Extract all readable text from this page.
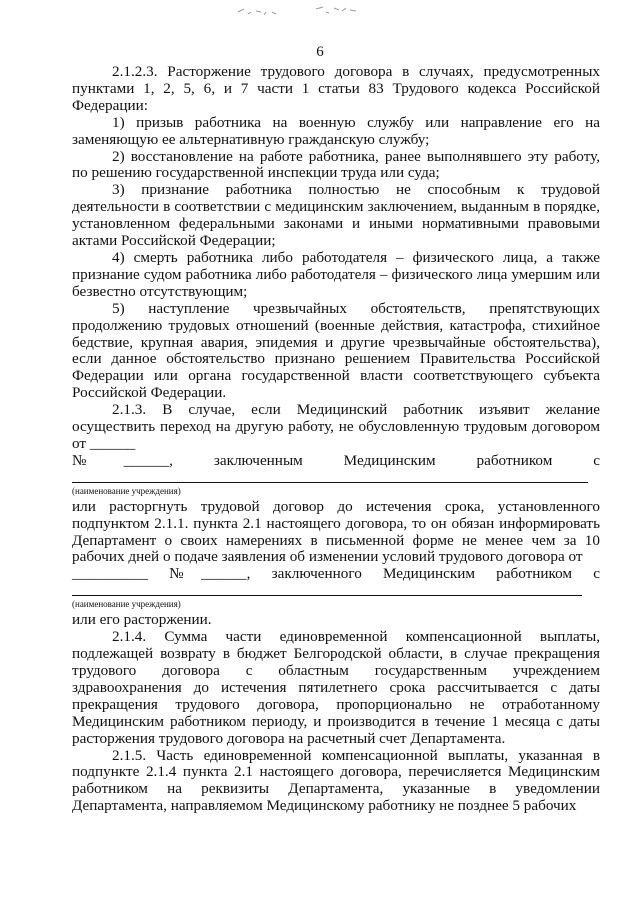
6

2.1.2.3. Расторжение трудового договора в случаях, предусмотренных пунктами 1, 2, 5, 6, и 7 части 1 статьи 83 Трудового кодекса Российской Федерации:

1) призыв работника на военную службу или направление его на заменяющую ее альтернативную гражданскую службу;

2) восстановление на работе работника, ранее выполнявшего эту работу, по решению государственной инспекции труда или суда;

3) признание работника полностью не способным к трудовой деятельности в соответствии с медицинским заключением, выданным в порядке, установленном федеральными законами и иными нормативными правовыми актами Российской Федерации;

4) смерть работника либо работодателя – физического лица, а также признание судом работника либо работодателя – физического лица умершим или безвестно отсутствующим;

5) наступление чрезвычайных обстоятельств, препятствующих продолжению трудовых отношений (военные действия, катастрофа, стихийное бедствие, крупная авария, эпидемия и другие чрезвычайные обстоятельства), если данное обстоятельство признано решением Правительства Российской Федерации или органа государственной власти соответствующего субъекта Российской Федерации.

2.1.3. В случае, если Медицинский работник изъявит желание осуществить переход на другую работу, не обусловленную трудовым договором от ______

№______, заключенным Медицинским работником с

(наименование учреждения)

или расторгнуть трудовой договор до истечения срока, установленного подпунктом 2.1.1. пункта 2.1 настоящего договора, то он обязан информировать Департамент о своих намерениях в письменной форме не менее чем за 10 рабочих дней о подаче заявления об изменении условий трудового договора от

__________ №______, заключенного Медицинским работником с

(наименование учреждения)

или его расторжении.

2.1.4. Сумма части единовременной компенсационной выплаты, подлежащей возврату в бюджет Белгородской области, в случае прекращения трудового договора с областным государственным учреждением здравоохранения до истечения пятилетнего срока рассчитывается с даты прекращения трудового договора, пропорционально не отработанному Медицинским работником периоду, и производится в течение 1 месяца с даты расторжения трудового договора на расчетный счет Департамента.

2.1.5. Часть единовременной компенсационной выплаты, указанная в подпункте 2.1.4 пункта 2.1 настоящего договора, перечисляется Медицинским работником на реквизиты Департамента, указанные в уведомлении Департамента, направляемом Медицинскому работнику не позднее 5 рабочих
